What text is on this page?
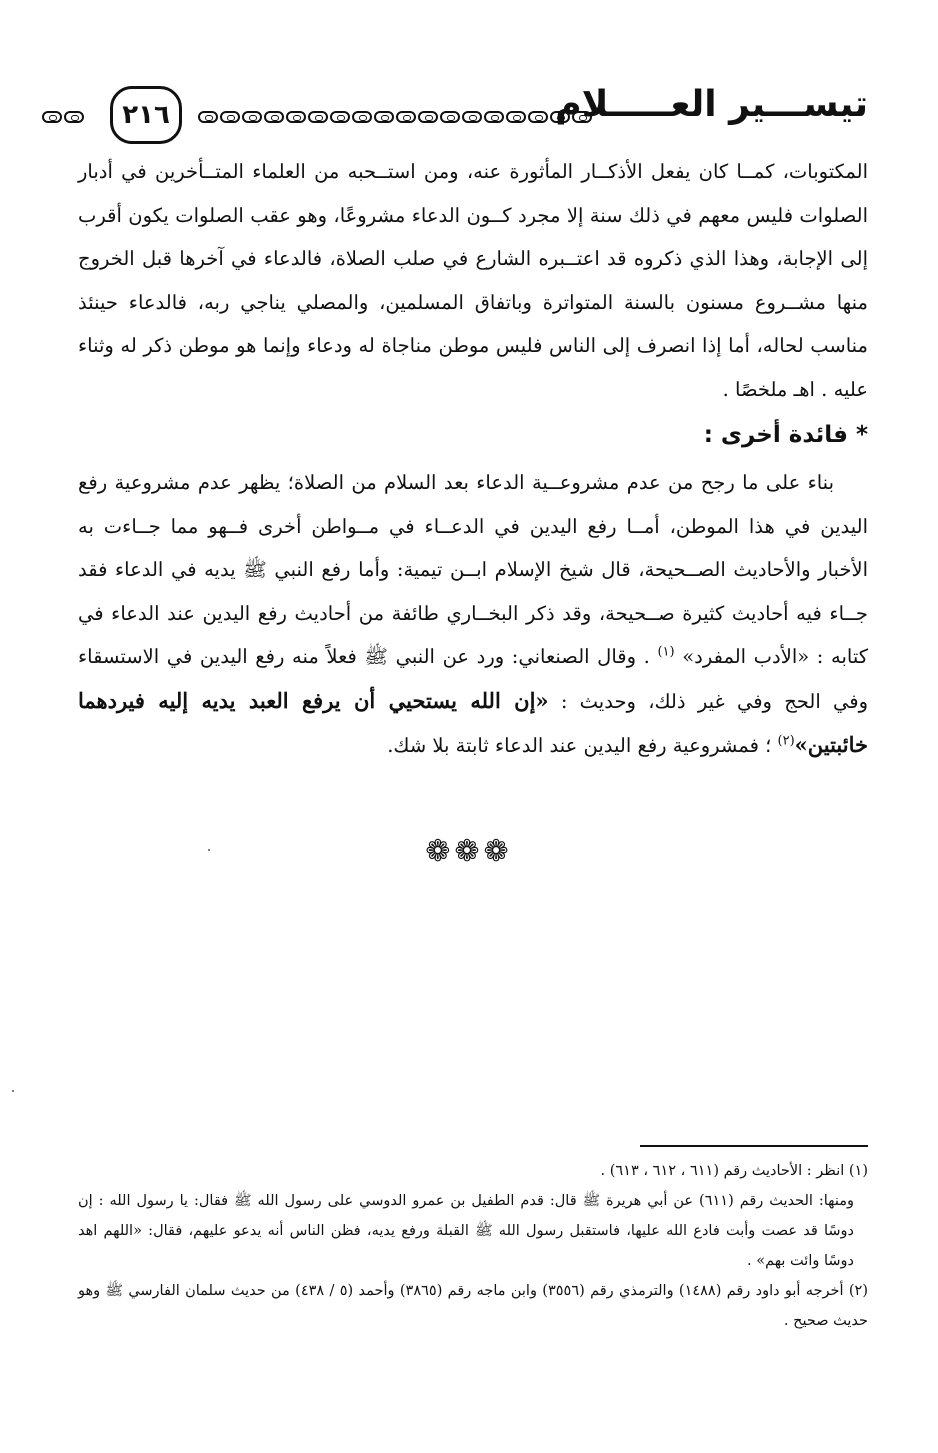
تيســـير العـــــلام
٢١٦

المكتوبات، كمــا كان يفعل الأذكــار المأثورة عنه، ومن استــحبه من العلماء المتــأخرين في أدبار الصلوات فليس معهم في ذلك سنة إلا مجرد كــون الدعاء مشروعًا، وهو عقب الصلوات يكون أقرب إلى الإجابة، وهذا الذي ذكروه قد اعتــبره الشارع في صلب الصلاة، فالدعاء في آخرها قبل الخروج منها مشــروع مسنون بالسنة المتواترة وباتفاق المسلمين، والمصلي يناجي ربه، فالدعاء حينئذ مناسب لحاله، أما إذا انصرف إلى الناس فليس موطن مناجاة له ودعاء وإنما هو موطن ذكر له وثناء عليه . اهـ ملخصًا .

* فائدة أخرى :

بناء على ما رجح من عدم مشروعــية الدعاء بعد السلام من الصلاة؛ يظهر عدم مشروعية رفع اليدين في هذا الموطن، أمــا رفع اليدين في الدعــاء في مــواطن أخرى فــهو مما جــاءت به الأخبار والأحاديث الصــحيحة، قال شيخ الإسلام ابــن تيمية: وأما رفع النبي ﷺ يديه في الدعاء فقد جــاء فيه أحاديث كثيرة صــحيحة، وقد ذكر البخــاري طائفة من أحاديث رفع اليدين عند الدعاء في كتابه : «الأدب المفرد» $^{(١)}$ . وقال الصنعاني: ورد عن النبي ﷺ فعلاً منه رفع اليدين في الاستسقاء وفي الحج وفي غير ذلك، وحديث : «إن الله يستحيي أن يرفع العبد يديه إليه فيردهما خائبتين»$^{(٢)}$ ؛ فمشروعية رفع اليدين عند الدعاء ثابتة بلا شك.

❁❁❁

(١) انظر : الأحاديث رقم (٦١١ ، ٦١٢ ، ٦١٣) .

ومنها: الحديث رقم (٦١١) عن أبي هريرة ﷺ قال: قدم الطفيل بن عمرو الدوسي على رسول الله ﷺ فقال: يا رسول الله : إن دوسًا قد عصت وأبت فادع الله عليها، فاستقبل رسول الله ﷺ القبلة ورفع يديه، فظن الناس أنه يدعو عليهم، فقال: «اللهم اهد دوسًا وائت بهم» .

(٢) أخرجه أبو داود رقم (١٤٨٨) والترمذي رقم (٣٥٥٦) وابن ماجه رقم (٣٨٦٥) وأحمد (٥ / ٤٣٨) من حديث سلمان الفارسي ﷺ وهو حديث صحيح .
